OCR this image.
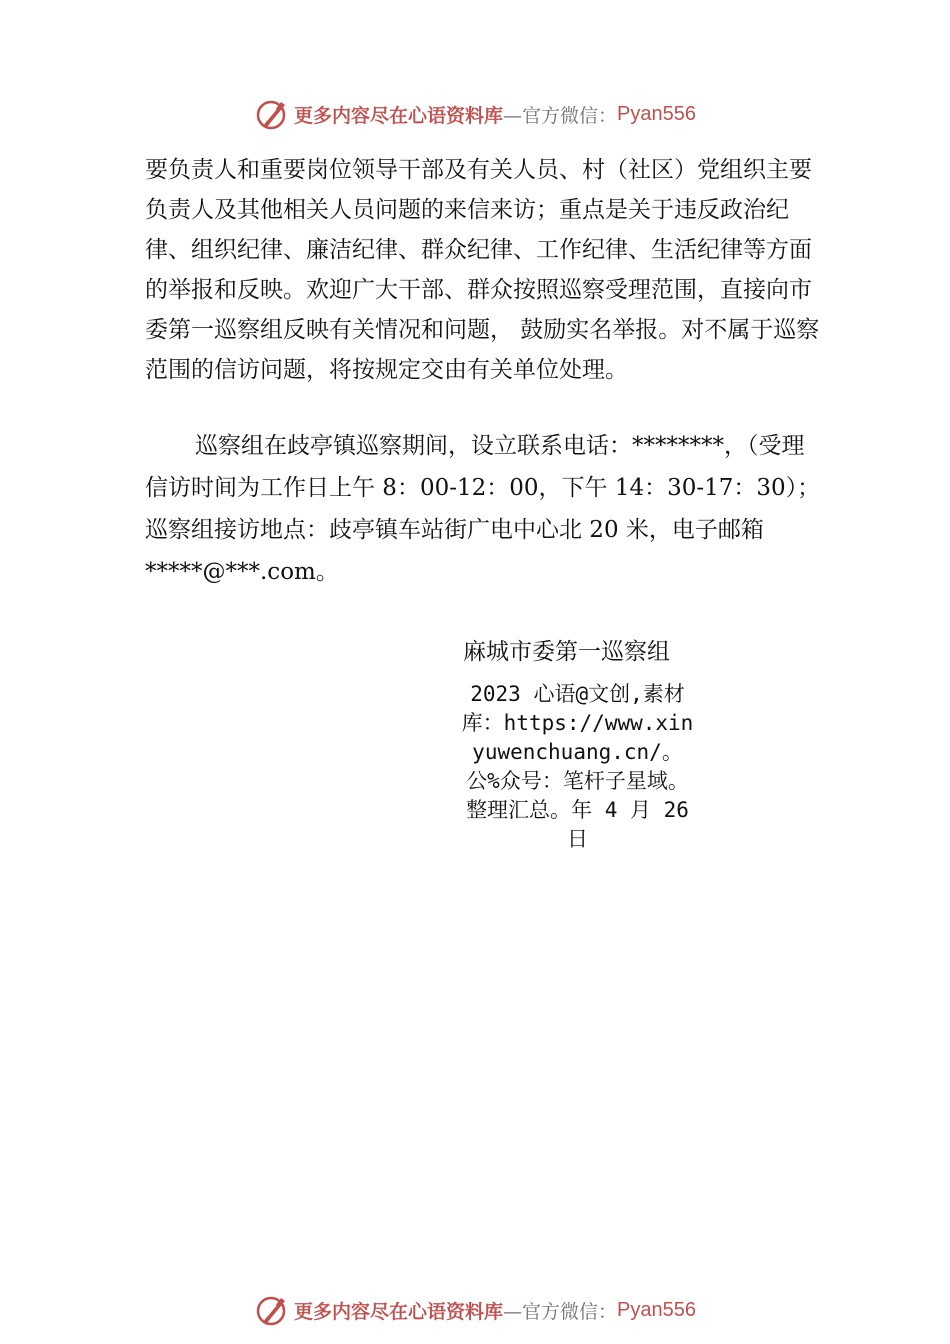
更多内容尽在心语资料库 —官方微信： Pyan556

要负责人和重要岗位领导干部及有关人员、村（社区）党组织主要负责人及其他相关人员问题的来信来访；重点是关于违反政治纪律、组织纪律、廉洁纪律、群众纪律、工作纪律、生活纪律等方面的举报和反映。欢迎广大干部、群众按照巡察受理范围，直接向市委第一巡察组反映有关情况和问题， 鼓励实名举报。对不属于巡察范围的信访问题，将按规定交由有关单位处理。

巡察组在歧亭镇巡察期间，设立联系电话：********，（受理信访时间为工作日上午 8：00-12：00，下午 14：30-17：30）；巡察组接访地点：歧亭镇车站街广电中心北 20 米，电子邮箱 *****@***.com。

麻城市委第一巡察组

2023 心语@文创,素材库：https://www.xinyuwenchuang.cn/。公%众号：笔杆子星域。整理汇总。年 4 月 26 日

更多内容尽在心语资料库 —官方微信： Pyan556
